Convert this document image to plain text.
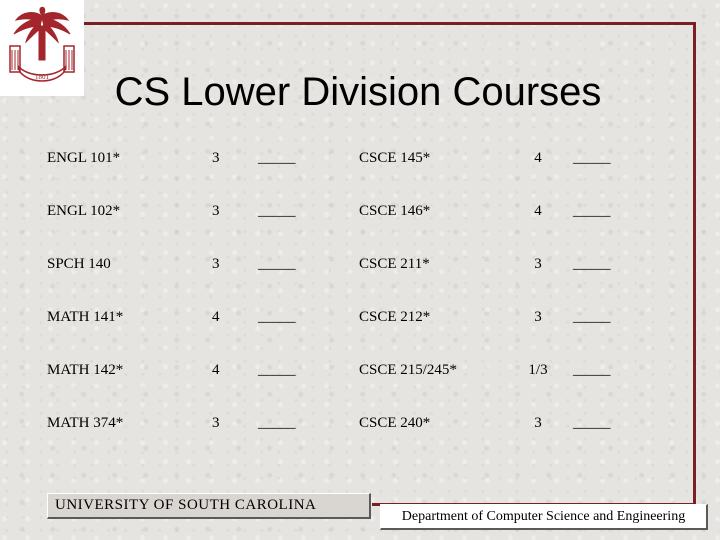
1801	CS Lower Division Courses
ENGL 101*	3	_____	CSCE 145*	4	_____
ENGL 102*	3	_____	CSCE 146*	4	_____
SPCH 140	3	_____	CSCE 211*	3	_____
MATH 141*	4	_____	CSCE 212*	3	_____
MATH 142*	4	_____	CSCE 215/245*	1/3 _____
MATH 374*	3	_____	CSCE 240*	3	_____
UNIVERSITY OF SOUTH CAROLINA
Department of Computer Science and Engineering
